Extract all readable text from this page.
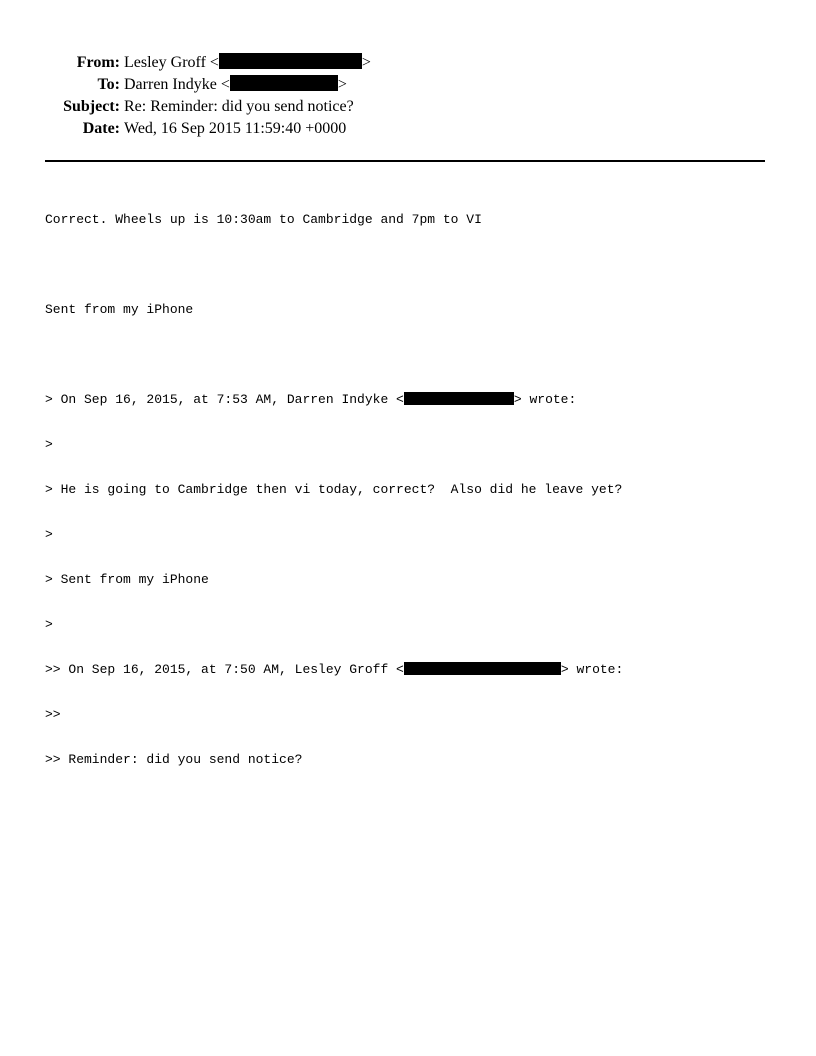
From: Lesley Groff <	>
To: Darren Indyke <	>
Subject: Re: Reminder: did you send notice?
Date: Wed, 16 Sep 2015 11:59:40 +0000

Correct. Wheels up is 10:30am to Cambridge and 7pm to VI

Sent from my iPhone

> On Sep 16, 2015, at 7:53 AM, Darren Indyke <	> wrote:

>

> He is going to Cambridge then vi today, correct?  Also did he leave yet?

>

> Sent from my iPhone

>

>> On Sep 16, 2015, at 7:50 AM, Lesley Groff <	> wrote:

>>

>> Reminder: did you send notice?
